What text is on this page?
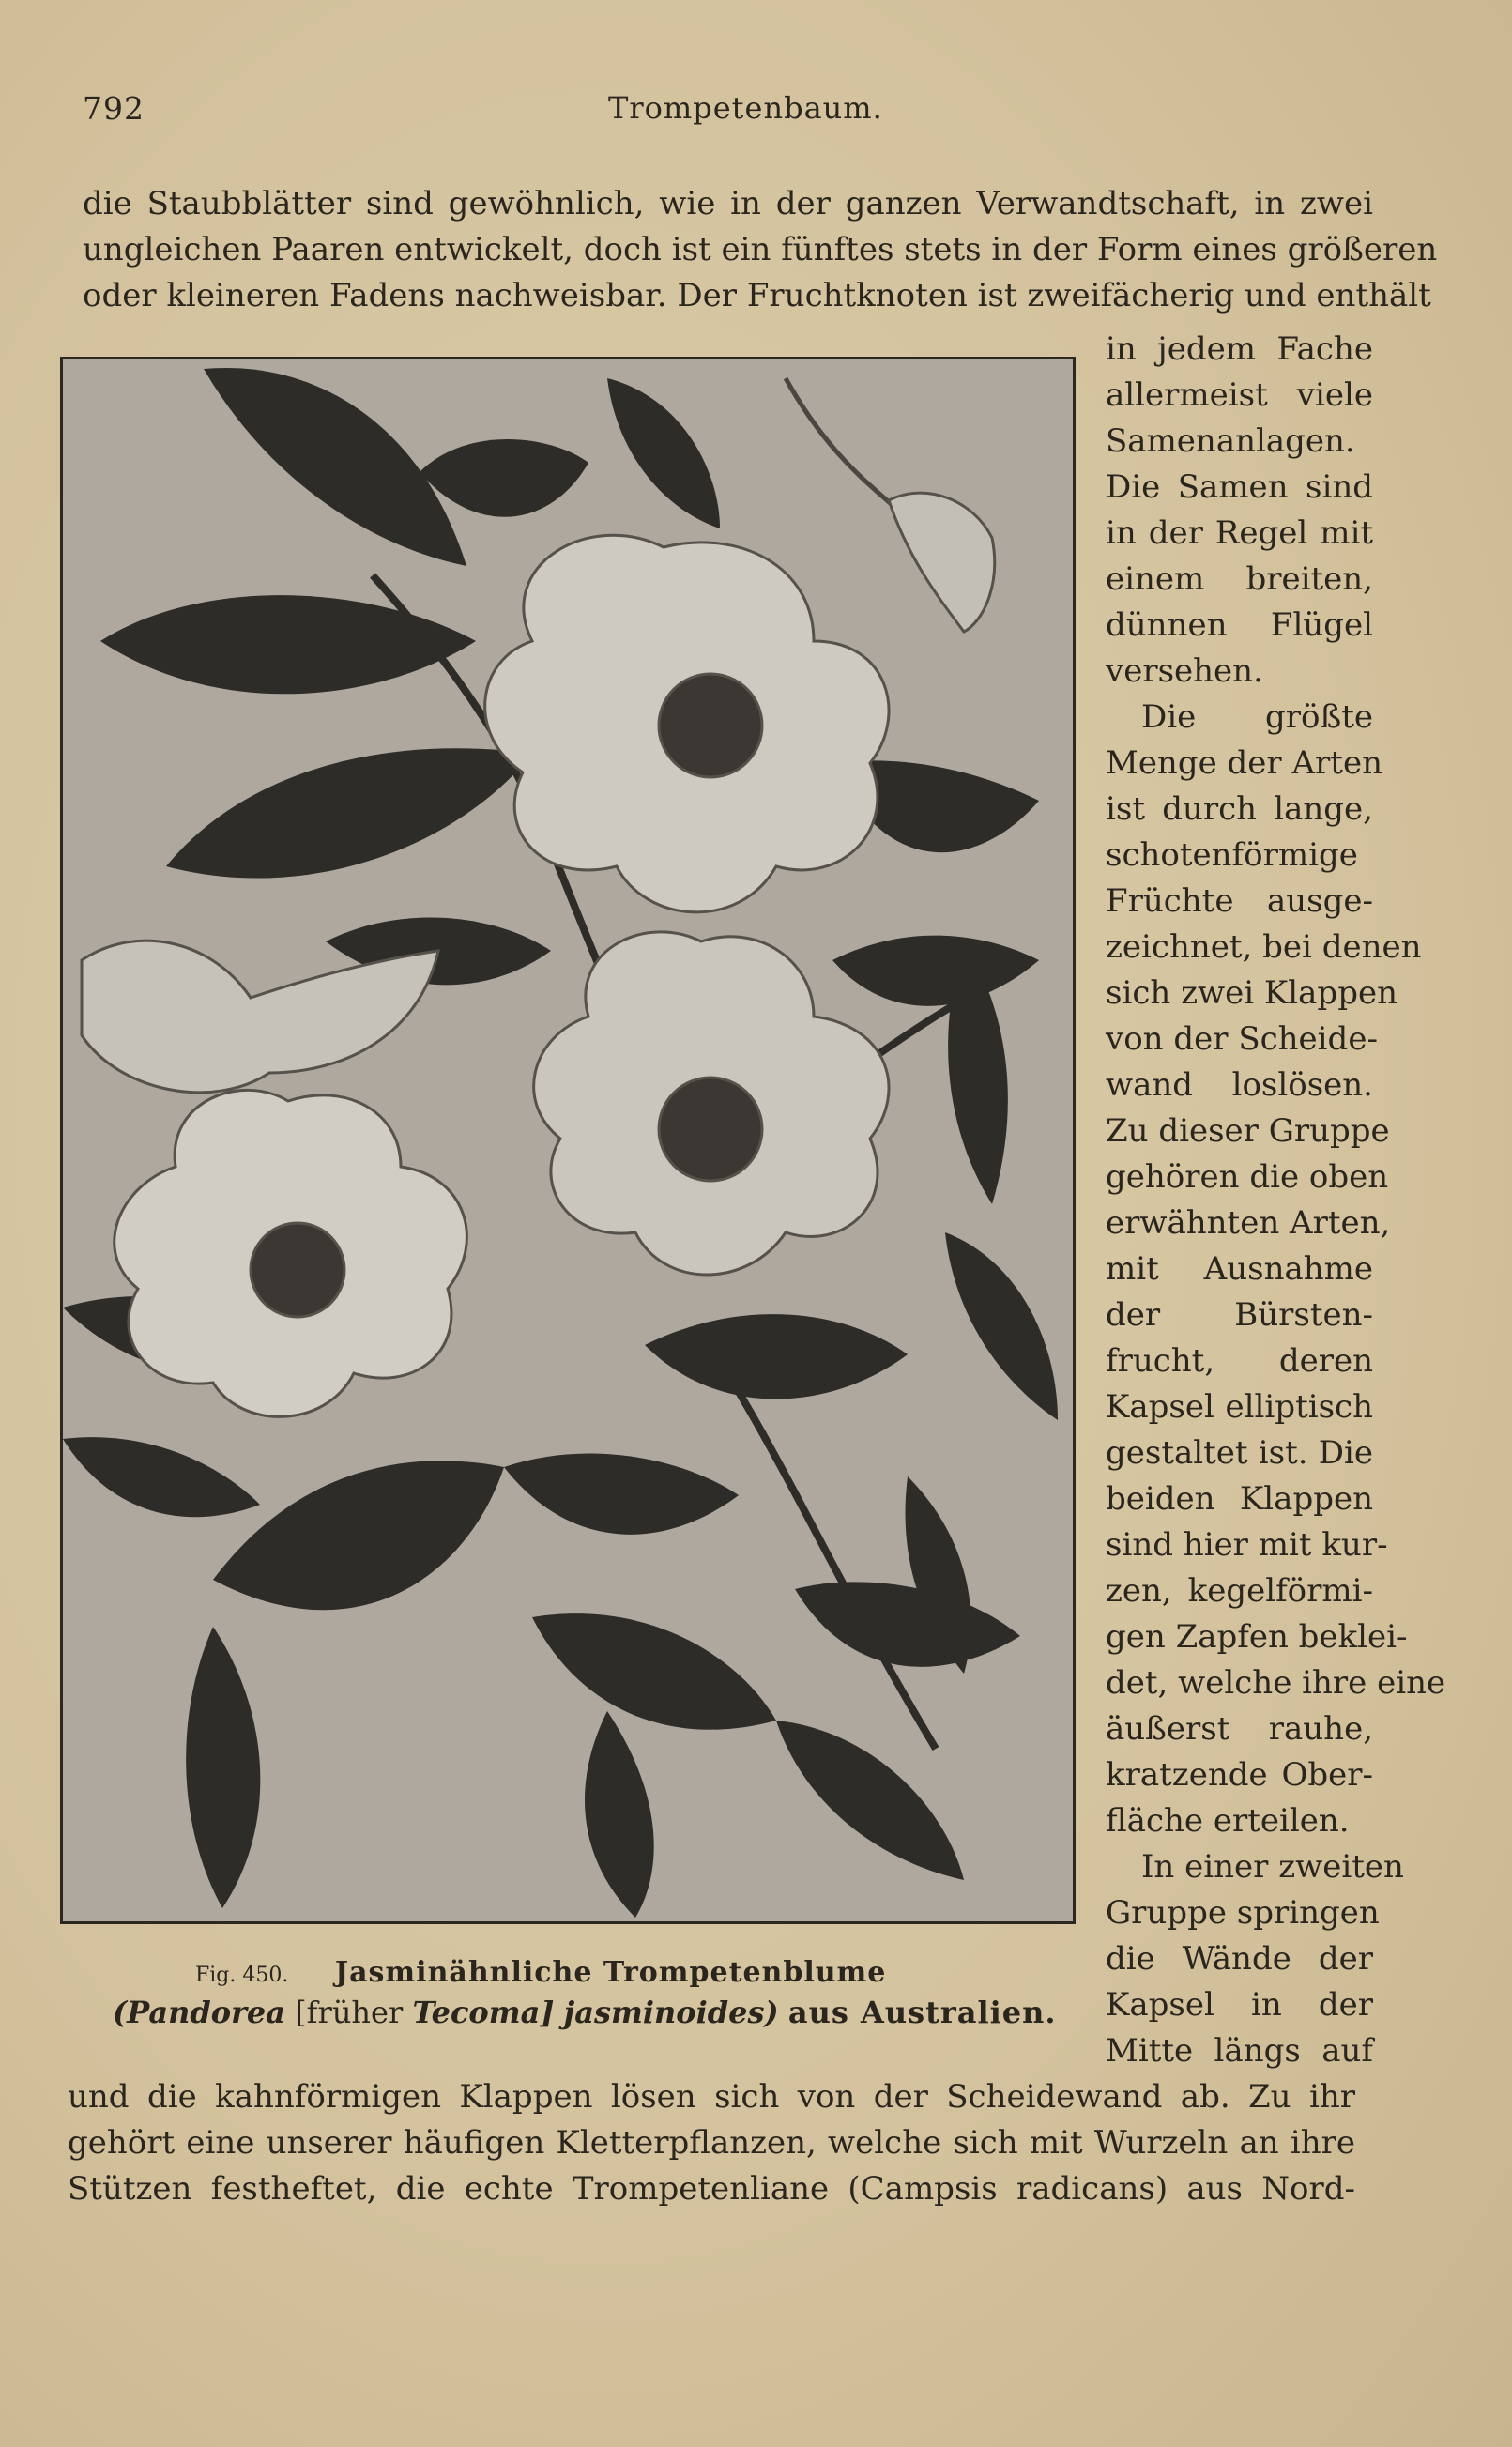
792	Trompetenbaum.
die Staubblätter sind gewöhnlich, wie in der ganzen Verwandtschaft, in zwei
ungleichen Paaren entwickelt, doch ist ein fünftes stets in der Form eines größeren
oder kleineren Fadens nachweisbar. Der Fruchtknoten ist zweifächerig und enthält
in jedem Fache
allermeist viele
Samenanlagen.
Die Samen sind
in der Regel mit
einem breiten,
dünnen Flügel
versehen.
Die größte
Menge der Arten
ist durch lange,
schotenförmige
Früchte ausge-
zeichnet, bei denen
sich zwei Klappen
von der Scheide-
wand loslösen.
Zu dieser Gruppe
gehören die oben
erwähnten Arten,
mit Ausnahme
der Bürsten-
frucht, deren
Kapsel elliptisch
gestaltet ist. Die
beiden Klappen
sind hier mit kur-
zen, kegelförmi-
gen Zapfen beklei-
det, welche ihre eine
äußerst rauhe,
kratzende Ober-
fläche erteilen.
In einer zweiten
Gruppe springen
die Wände der
Kapsel in der
Mitte längs auf
Fig. 450. Jasminähnliche Trompetenblume
(Pandorea [früher Tecoma] jasminoides) aus Australien.
und die kahnförmigen Klappen lösen sich von der Scheidewand ab. Zu ihr
gehört eine unserer häufigen Kletterpflanzen, welche sich mit Wurzeln an ihre
Stützen festheftet, die echte Trompetenliane (Campsis radicans) aus Nord-
